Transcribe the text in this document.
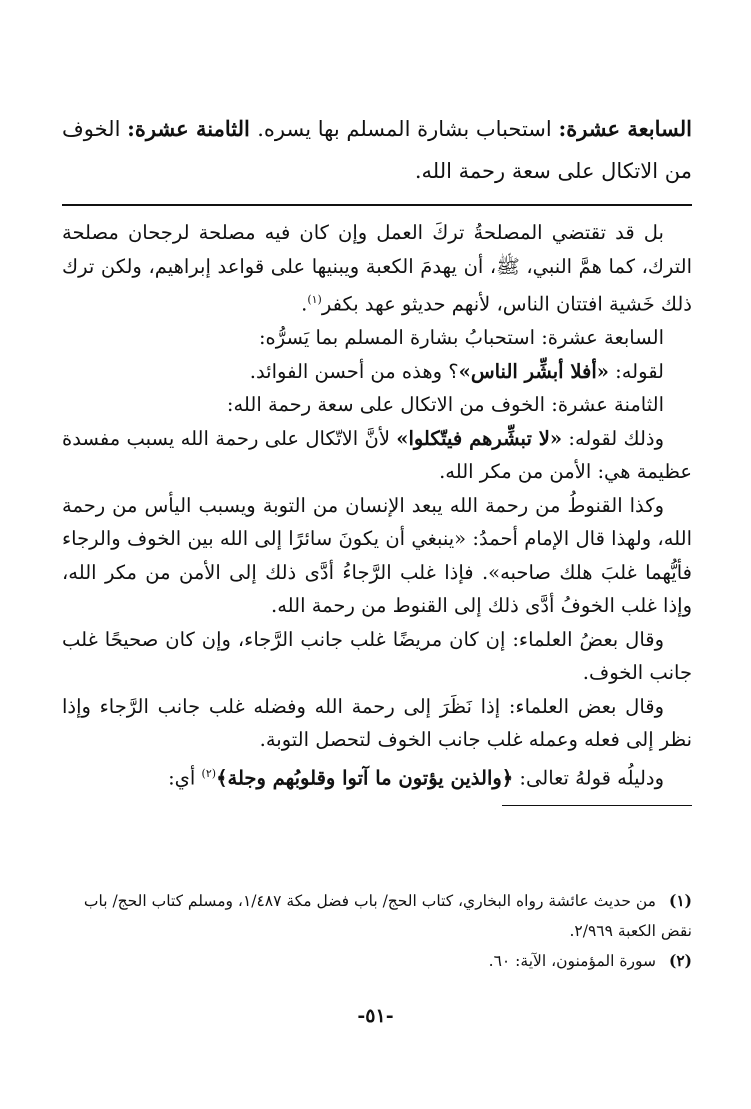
السابعة عشرة: استحباب بشارة المسلم بها يسره. الثامنة عشرة: الخوف من الاتكال على سعة رحمة الله.

بل قد تقتضي المصلحةُ تركَ العمل وإن كان فيه مصلحة لرجحان مصلحة الترك، كما همَّ النبي، ﷺ، أن يهدمَ الكعبة ويبنيها على قواعد إبراهيم، ولكن ترك ذلك خَشية افتتان الناس، لأنهم حديثو عهد بكفر$^{(١)}$.

السابعة عشرة: استحبابُ بشارة المسلم بما يَسرُّه:

لقوله: «أفلا أبشِّر الناس»؟ وهذه من أحسن الفوائد.

الثامنة عشرة: الخوف من الاتكال على سعة رحمة الله:

وذلك لقوله: «لا تبشِّرهم فيتّكلوا» لأنَّ الاتّكال على رحمة الله يسبب مفسدة عظيمة هي: الأمن من مكر الله.

وكذا القنوطُ من رحمة الله يبعد الإنسان من التوبة ويسبب اليأس من رحمة الله، ولهذا قال الإمام أحمدُ: «ينبغي أن يكونَ سائرًا إلى الله بين الخوف والرجاء فأيُّهما غلبَ هلك صاحبه». فإذا غلب الرَّجاءُ أدَّى ذلك إلى الأمن من مكر الله، وإذا غلب الخوفُ أدَّى ذلك إلى القنوط من رحمة الله.

وقال بعضُ العلماء: إن كان مريضًا غلب جانب الرَّجاء، وإن كان صحيحًا غلب جانب الخوف.

وقال بعض العلماء: إذا نَظَرَ إلى رحمة الله وفضله غلب جانب الرَّجاء وإذا نظر إلى فعله وعمله غلب جانب الخوف لتحصل التوبة.

ودليلُه قولهُ تعالى: ﴿والذين يؤتون ما آتوا وقلوبُهم وجلة﴾$^{(٢)}$ أي:

(١)من حديث عائشة رواه البخاري، كتاب الحج/ باب فضل مكة ١/٤٨٧، ومسلم كتاب الحج/ باب نقض الكعبة ٢/٩٦٩.

(٢)سورة المؤمنون، الآية: ٦٠.

-٥١-
